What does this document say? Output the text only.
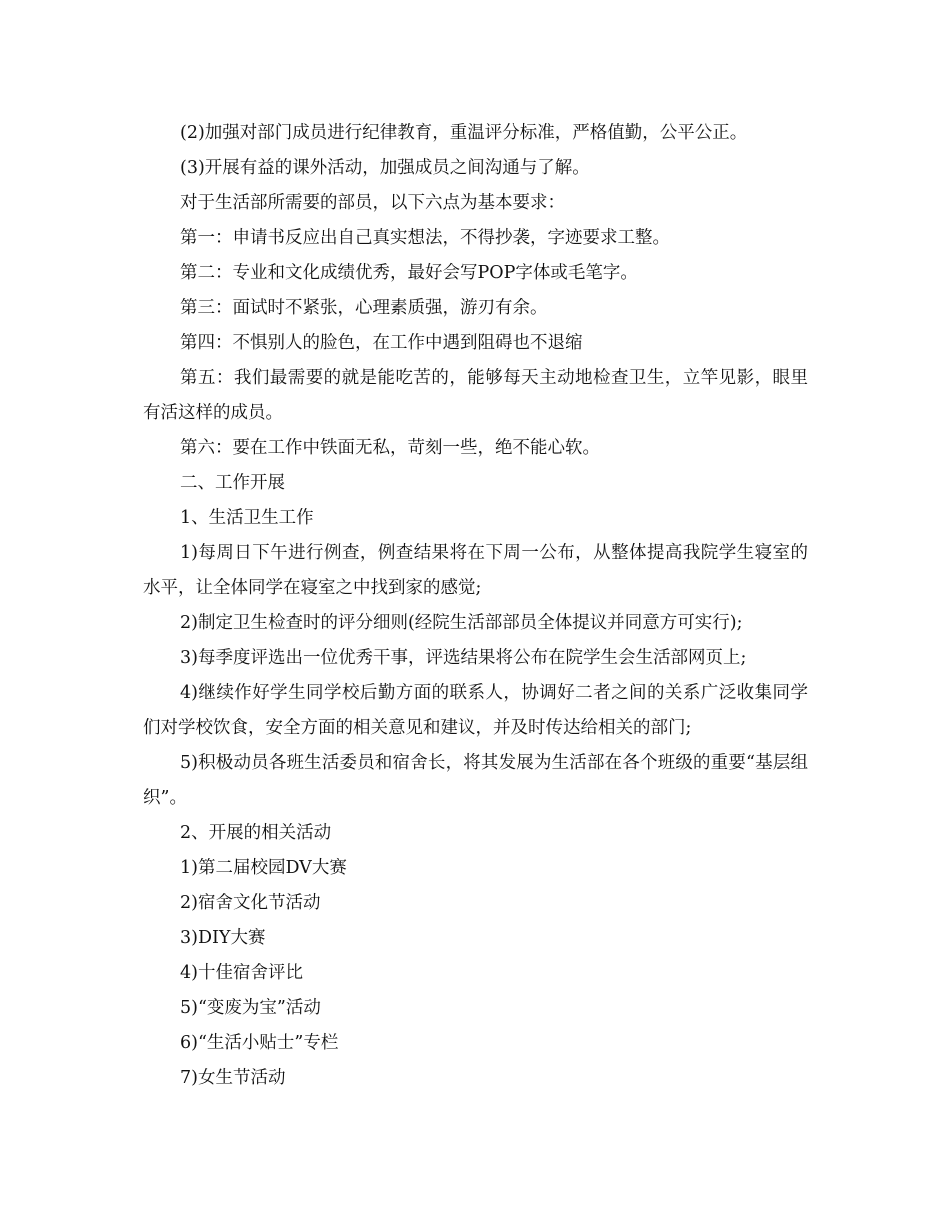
(2)加强对部门成员进行纪律教育，重温评分标准，严格值勤，公平公正。

(3)开展有益的课外活动，加强成员之间沟通与了解。

对于生活部所需要的部员，以下六点为基本要求：

第一：申请书反应出自己真实想法，不得抄袭，字迹要求工整。

第二：专业和文化成绩优秀，最好会写POP字体或毛笔字。

第三：面试时不紧张，心理素质强，游刃有余。

第四：不惧别人的脸色，在工作中遇到阻碍也不退缩

第五：我们最需要的就是能吃苦的，能够每天主动地检查卫生，立竿见影，眼里有活这样的成员。

第六：要在工作中铁面无私，苛刻一些，绝不能心软。

二、工作开展

1、生活卫生工作

1)每周日下午进行例查，例查结果将在下周一公布，从整体提高我院学生寝室的水平，让全体同学在寝室之中找到家的感觉;

2)制定卫生检查时的评分细则(经院生活部部员全体提议并同意方可实行);

3)每季度评选出一位优秀干事，评选结果将公布在院学生会生活部网页上;

4)继续作好学生同学校后勤方面的联系人，协调好二者之间的关系广泛收集同学们对学校饮食，安全方面的相关意见和建议，并及时传达给相关的部门;

5)积极动员各班生活委员和宿舍长，将其发展为生活部在各个班级的重要“基层组织”。

2、开展的相关活动

1)第二届校园DV大赛

2)宿舍文化节活动

3)DIY大赛

4)十佳宿舍评比

5)“变废为宝”活动

6)“生活小贴士”专栏

7)女生节活动
